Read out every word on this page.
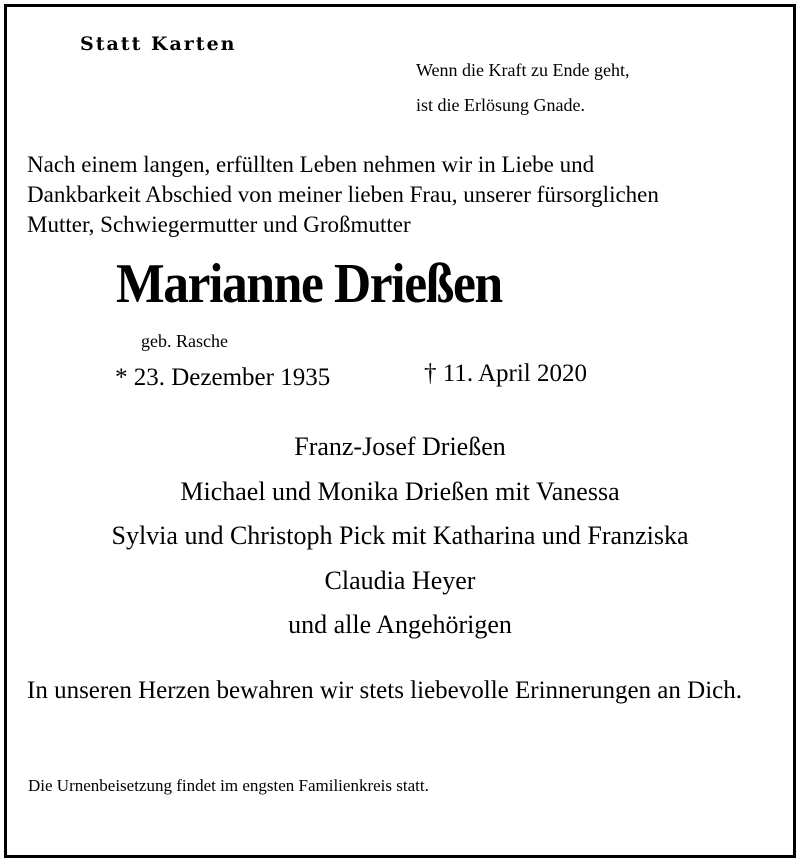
Statt Karten
Wenn die Kraft zu Ende geht,
ist die Erlösung Gnade.
Nach einem langen, erfüllten Leben nehmen wir in Liebe und
Dankbarkeit Abschied von meiner lieben Frau, unserer fürsorglichen
Mutter, Schwiegermutter und Großmutter
Marianne Drießen
geb. Rasche
* 23. Dezember 1935	† 11. April 2020
Franz-Josef Drießen
Michael und Monika Drießen mit Vanessa
Sylvia und Christoph Pick mit Katharina und Franziska
Claudia Heyer
und alle Angehörigen
In unseren Herzen bewahren wir stets liebevolle Erinnerungen an Dich.
Die Urnenbeisetzung findet im engsten Familienkreis statt.
